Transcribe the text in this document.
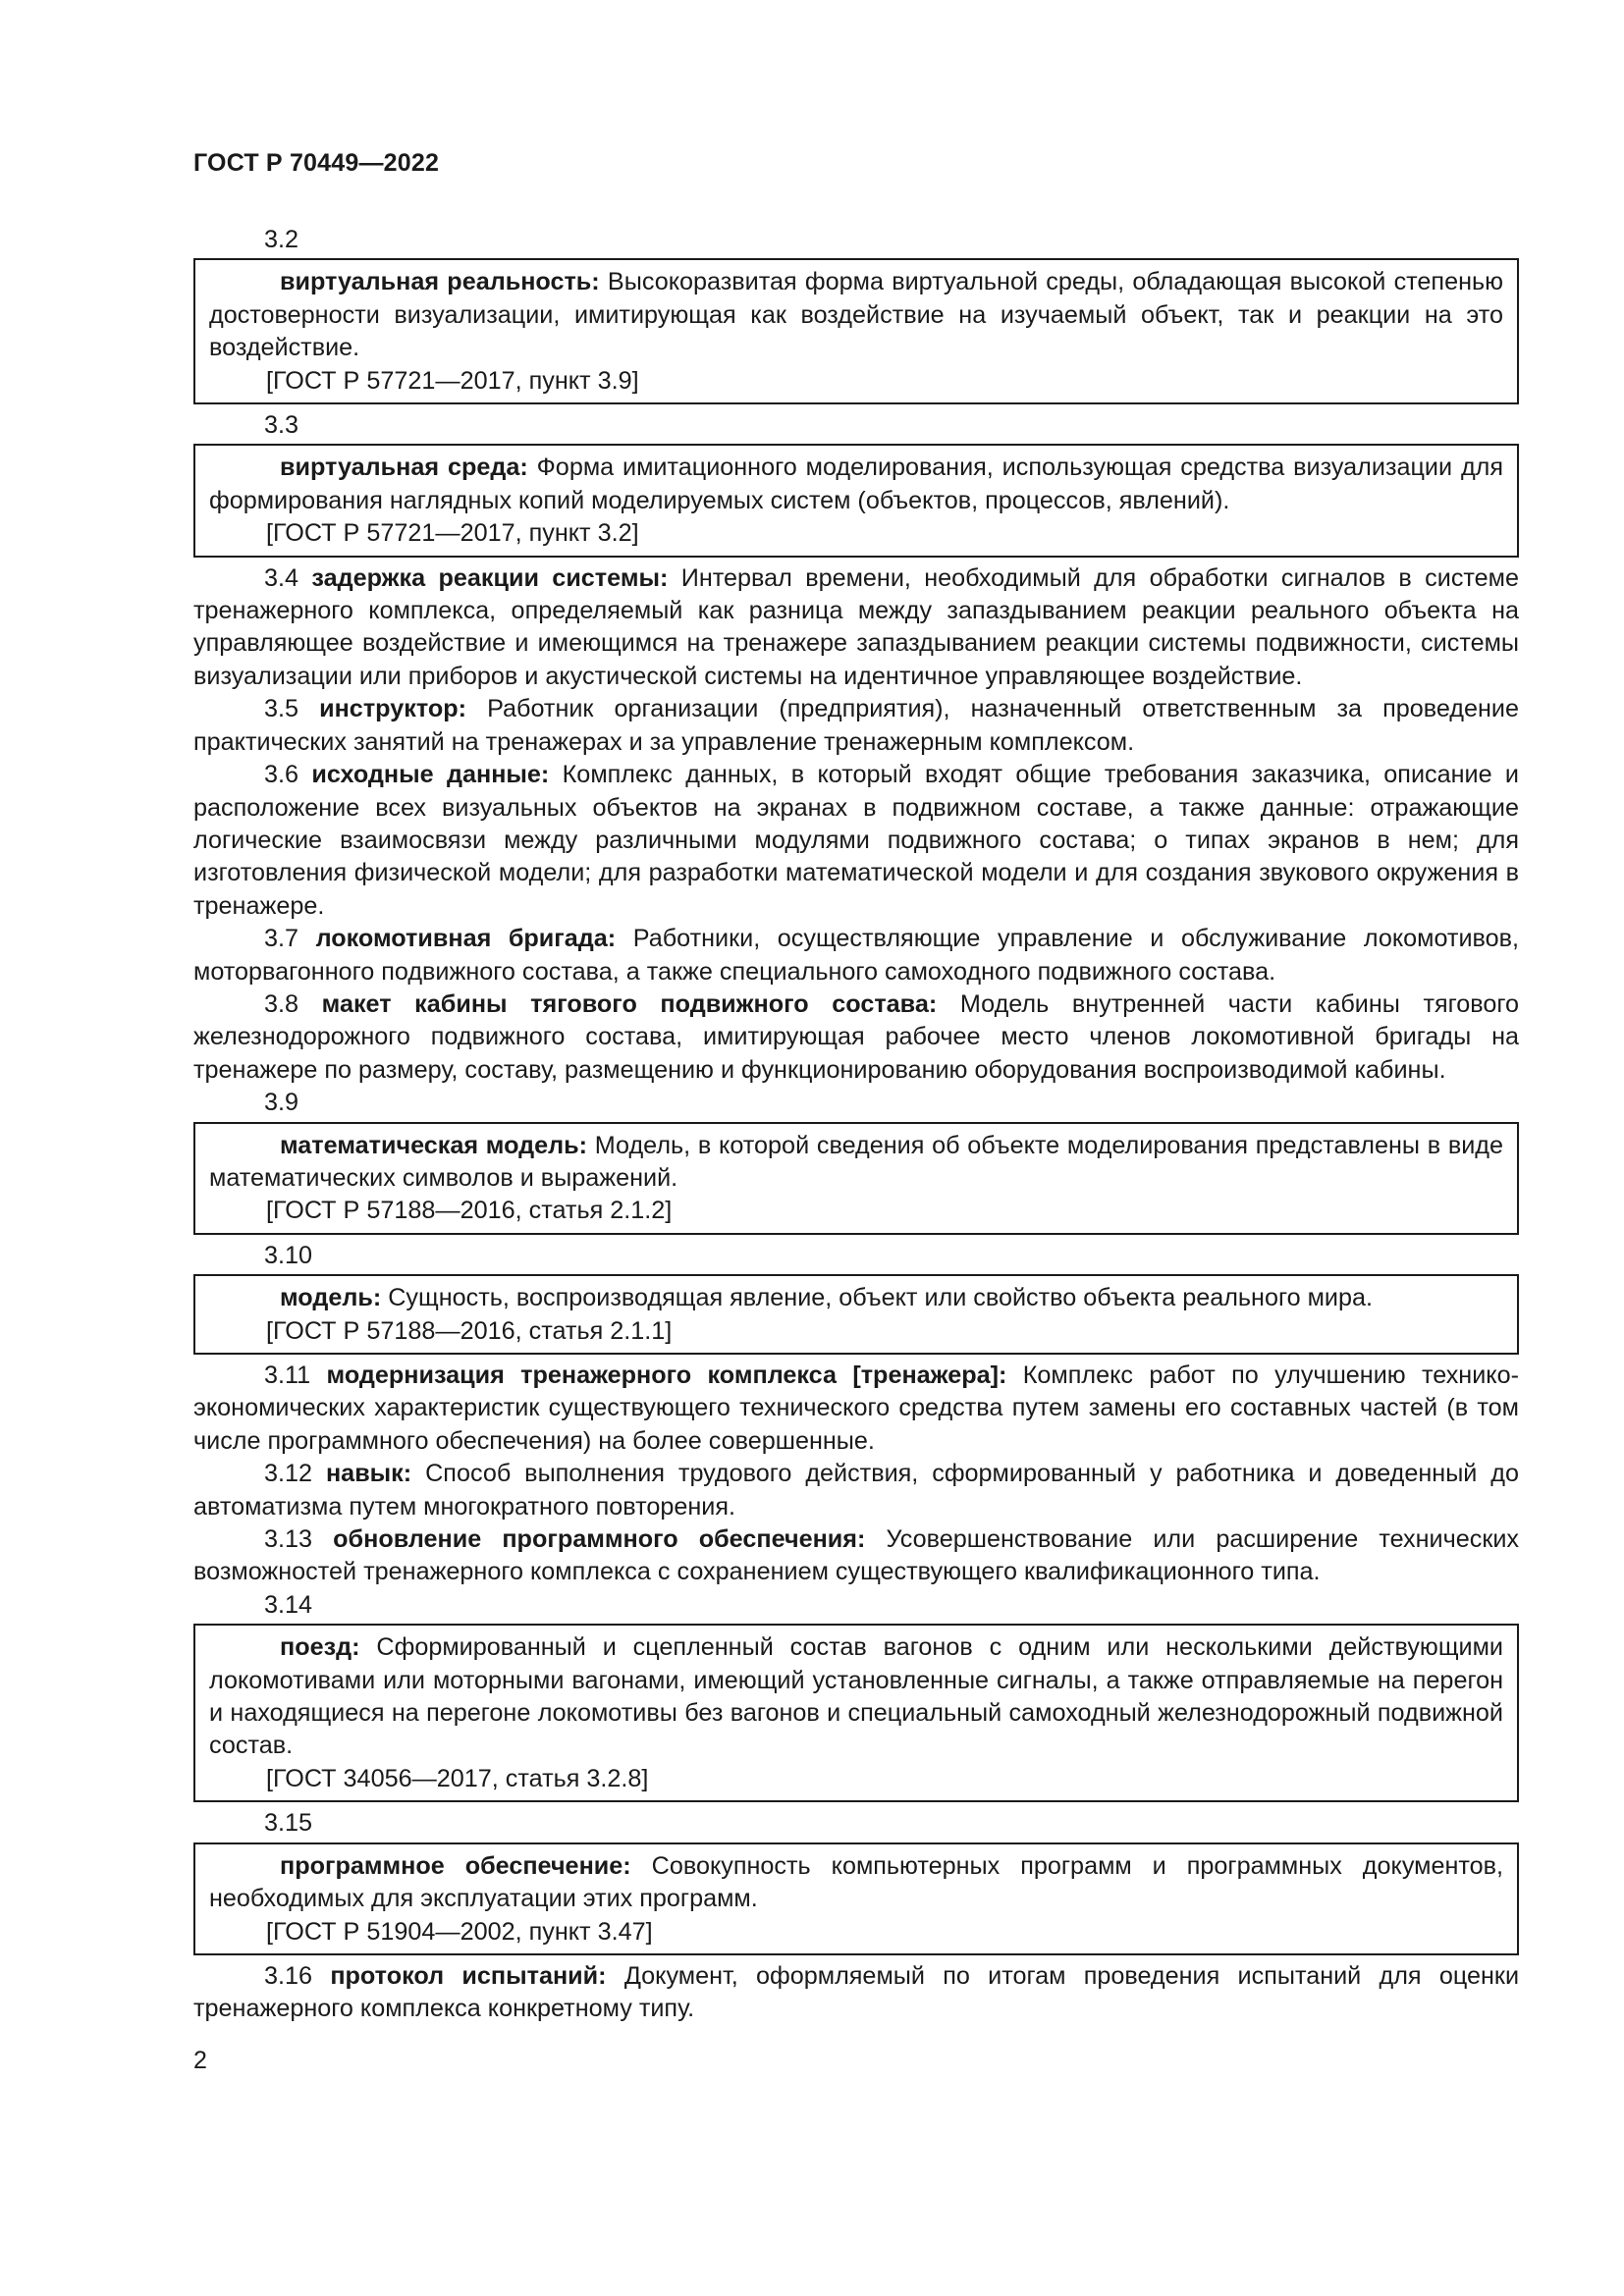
ГОСТ Р 70449—2022
3.2

виртуальная реальность: Высокоразвитая форма виртуальной среды, обладающая высокой степенью достоверности визуализации, имитирующая как воздействие на изучаемый объект, так и реакции на это воздействие.

[ГОСТ Р 57721—2017, пункт 3.9]
3.3

виртуальная среда: Форма имитационного моделирования, использующая средства визуализации для формирования наглядных копий моделируемых систем (объектов, процессов, явлений).

[ГОСТ Р 57721—2017, пункт 3.2]

3.4 задержка реакции системы: Интервал времени, необходимый для обработки сигналов в системе тренажерного комплекса, определяемый как разница между запаздыванием реакции реального объекта на управляющее воздействие и имеющимся на тренажере запаздыванием реакции системы подвижности, системы визуализации или приборов и акустической системы на идентичное управляющее воздействие.

3.5 инструктор: Работник организации (предприятия), назначенный ответственным за проведение практических занятий на тренажерах и за управление тренажерным комплексом.

3.6 исходные данные: Комплекс данных, в который входят общие требования заказчика, описание и расположение всех визуальных объектов на экранах в подвижном составе, а также данные: отражающие логические взаимосвязи между различными модулями подвижного состава; о типах экранов в нем; для изготовления физической модели; для разработки математической модели и для создания звукового окружения в тренажере.

3.7 локомотивная бригада: Работники, осуществляющие управление и обслуживание локомотивов, моторвагонного подвижного состава, а также специального самоходного подвижного состава.

3.8 макет кабины тягового подвижного состава: Модель внутренней части кабины тягового железнодорожного подвижного состава, имитирующая рабочее место членов локомотивной бригады на тренажере по размеру, составу, размещению и функционированию оборудования воспроизводимой кабины.

3.9

математическая модель: Модель, в которой сведения об объекте моделирования представлены в виде математических символов и выражений.

[ГОСТ Р 57188—2016, статья 2.1.2]
3.10

модель: Сущность, воспроизводящая явление, объект или свойство объекта реального мира.

[ГОСТ Р 57188—2016, статья 2.1.1]

3.11 модернизация тренажерного комплекса [тренажера]: Комплекс работ по улучшению технико-экономических характеристик существующего технического средства путем замены его составных частей (в том числе программного обеспечения) на более совершенные.

3.12 навык: Способ выполнения трудового действия, сформированный у работника и доведенный до автоматизма путем многократного повторения.

3.13 обновление программного обеспечения: Усовершенствование или расширение технических возможностей тренажерного комплекса с сохранением существующего квалификационного типа.

3.14

поезд: Сформированный и сцепленный состав вагонов с одним или несколькими действующими локомотивами или моторными вагонами, имеющий установленные сигналы, а также отправляемые на перегон и находящиеся на перегоне локомотивы без вагонов и специальный самоходный железнодорожный подвижной состав.

[ГОСТ 34056—2017, статья 3.2.8]
3.15

программное обеспечение: Совокупность компьютерных программ и программных документов, необходимых для эксплуатации этих программ.

[ГОСТ Р 51904—2002, пункт 3.47]

3.16 протокол испытаний: Документ, оформляемый по итогам проведения испытаний для оценки тренажерного комплекса конкретному типу.

2
